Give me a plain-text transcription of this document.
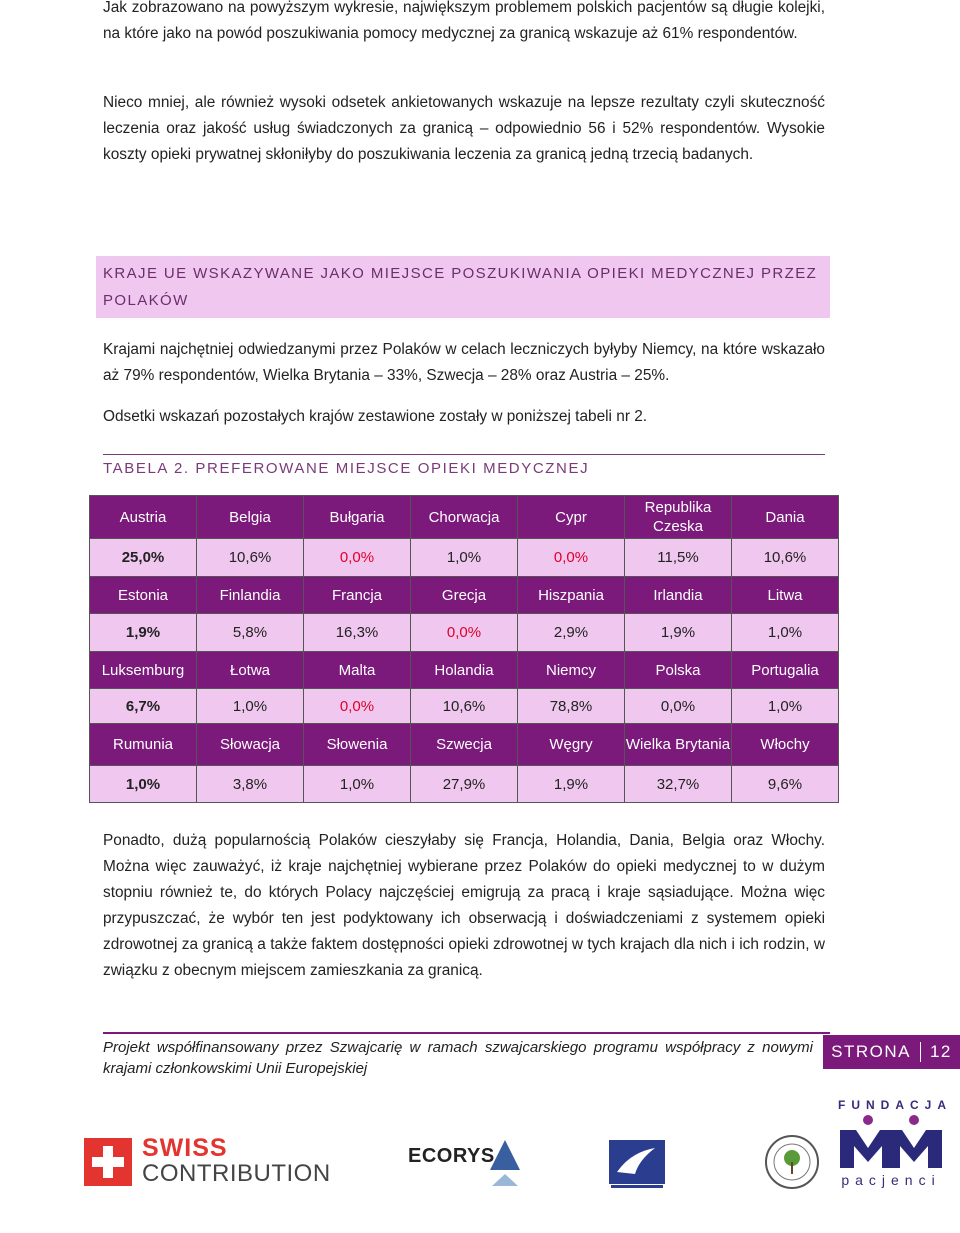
Jak zobrazowano na powyższym wykresie, największym problemem polskich pacjentów są długie kolejki, na które jako na powód poszukiwania pomocy medycznej za granicą wskazuje aż 61% respondentów.

Nieco mniej, ale również wysoki odsetek ankietowanych wskazuje na lepsze rezultaty czyli skuteczność leczenia oraz jakość usług świadczonych za granicą – odpowiednio 56 i 52% respondentów. Wysokie koszty opieki prywatnej skłoniłyby do poszukiwania leczenia za granicą jedną trzecią badanych.

KRAJE UE WSKAZYWANE JAKO MIEJSCE POSZUKIWANIA OPIEKI MEDYCZNEJ PRZEZ POLAKÓW

Krajami najchętniej odwiedzanymi przez Polaków w celach leczniczych byłyby Niemcy, na które wskazało aż 79% respondentów, Wielka Brytania – 33%, Szwecja – 28% oraz Austria – 25%.

Odsetki wskazań pozostałych krajów zestawione zostały w poniższej tabeli nr 2.

TABELA 2. PREFEROWANE MIEJSCE OPIEKI MEDYCZNEJ

Austria	Belgia	Bułgaria	Chorwacja	Cypr	Republika Czeska	Dania
25,0%	10,6%	0,0%	1,0%	0,0%	11,5%	10,6%
Estonia	Finlandia	Francja	Grecja	Hiszpania	Irlandia	Litwa
1,9%	5,8%	16,3%	0,0%	2,9%	1,9%	1,0%
Luksemburg	Łotwa	Malta	Holandia	Niemcy	Polska	Portugalia
6,7%	1,0%	0,0%	10,6%	78,8%	0,0%	1,0%
Rumunia	Słowacja	Słowenia	Szwecja	Węgry	Wielka Brytania	Włochy
1,0%	3,8%	1,0%	27,9%	1,9%	32,7%	9,6%

Ponadto, dużą popularnością Polaków cieszyłaby się Francja, Holandia, Dania, Belgia oraz Włochy. Można więc zauważyć, iż kraje najchętniej wybierane przez Polaków do opieki medycznej to w dużym stopniu również te, do których Polacy najczęściej emigrują za pracą i kraje sąsiadujące. Można więc przypuszczać, że wybór ten jest podyktowany ich obserwacją i doświadczeniami z systemem opieki zdrowotnej za granicą a także faktem dostępności opieki zdrowotnej w tych krajach dla nich i ich rodzin, w związku z obecnym miejscem zamieszkania za granicą.

Projekt współfinansowany przez Szwajcarię w ramach szwajcarskiego programu współpracy z nowymi krajami członkowskimi Unii Europejskiej

STRONA 12
SWISS
CONTRIBUTION
ECORYS
FUNDACJA
pacjenci
